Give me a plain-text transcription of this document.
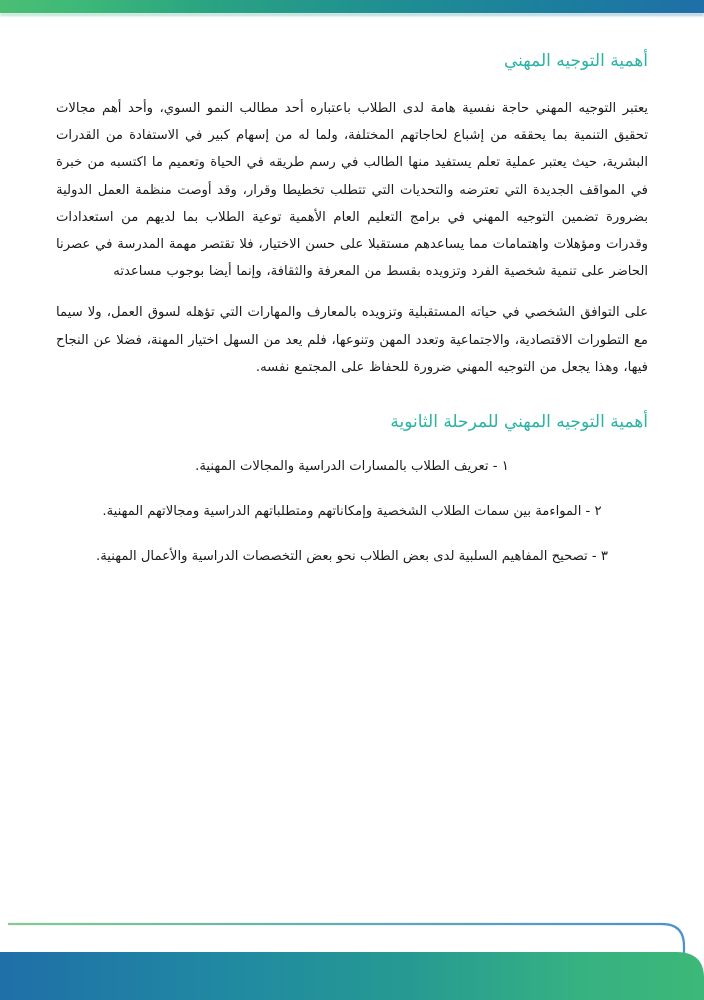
أهمية التوجيه المهني

يعتبر التوجيه المهني حاجة نفسية هامة لدى الطلاب باعتباره أحد مطالب النمو السوي، وأحد أهم مجالات تحقيق التنمية بما يحققه من إشباع لحاجاتهم المختلفة، ولما له من إسهام كبير في الاستفادة من القدرات البشرية، حيث يعتبر عملية تعلم يستفيد منها الطالب في رسم طريقه في الحياة وتعميم ما اكتسبه من خبرة في المواقف الجديدة التي تعترضه والتحديات التي تتطلب تخطيطا وقرار، وقد أوصت منظمة العمل الدولية بضرورة تضمين التوجيه المهني في برامج التعليم العام الأهمية توعية الطلاب بما لديهم من استعدادات وقدرات ومؤهلات واهتمامات مما يساعدهم مستقبلا على حسن الاختيار، فلا تقتصر مهمة المدرسة في عصرنا الحاضر على تنمية شخصية الفرد وتزويده بقسط من المعرفة والثقافة، وإنما أيضا بوجوب مساعدته

على التوافق الشخصي في حياته المستقبلية وتزويده بالمعارف والمهارات التي تؤهله لسوق العمل، ولا سيما مع التطورات الاقتصادية، والاجتماعية وتعدد المهن وتنوعها، فلم يعد من السهل اختيار المهنة، فضلا عن النجاح فيها، وهذا يجعل من التوجيه المهني ضرورة للحفاظ على المجتمع نفسه.

أهمية التوجيه المهني للمرحلة الثانوية
١ - تعريف الطلاب بالمسارات الدراسية والمجالات المهنية.
٢ - المواءمة بين سمات الطلاب الشخصية وإمكاناتهم ومتطلباتهم الدراسية ومجالاتهم المهنية.
٣ - تصحيح المفاهيم السلبية لدى بعض الطلاب نحو بعض التخصصات الدراسية والأعمال المهنية.
